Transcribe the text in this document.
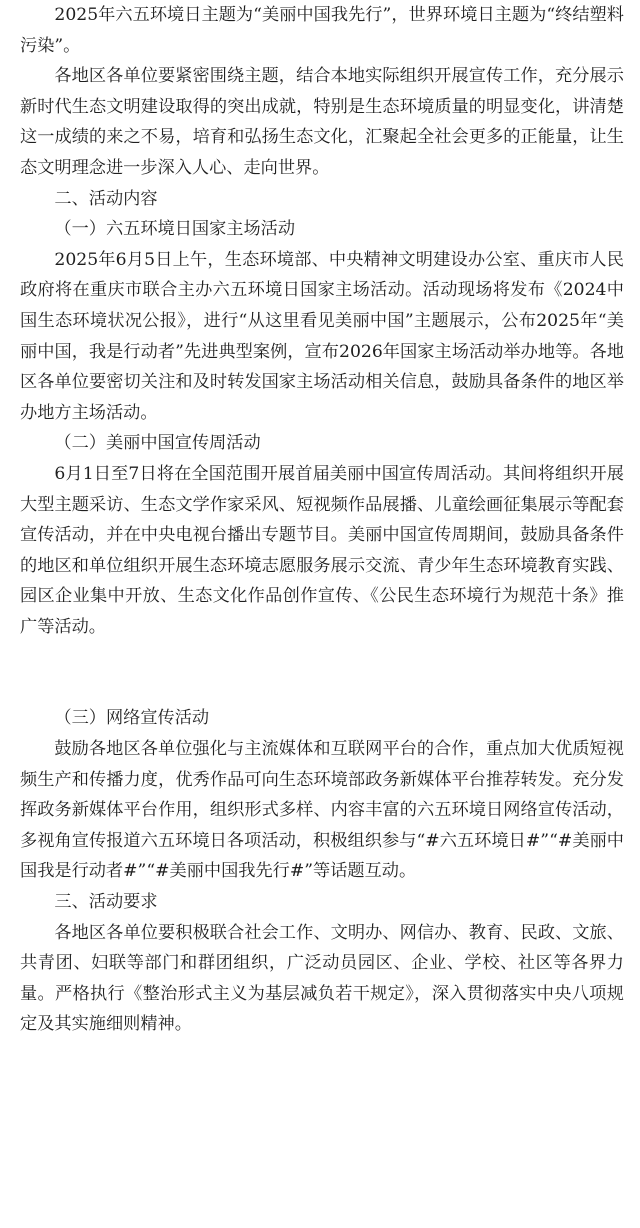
2025年六五环境日主题为“美丽中国我先行”，世界环境日主题为“终结塑料污染”。

各地区各单位要紧密围绕主题，结合本地实际组织开展宣传工作，充分展示新时代生态文明建设取得的突出成就，特别是生态环境质量的明显变化，讲清楚这一成绩的来之不易，培育和弘扬生态文化，汇聚起全社会更多的正能量，让生态文明理念进一步深入人心、走向世界。

二、活动内容

（一）六五环境日国家主场活动

2025年6月5日上午，生态环境部、中央精神文明建设办公室、重庆市人民政府将在重庆市联合主办六五环境日国家主场活动。活动现场将发布《2024中国生态环境状况公报》，进行“从这里看见美丽中国”主题展示，公布2025年“美丽中国，我是行动者”先进典型案例，宣布2026年国家主场活动举办地等。各地区各单位要密切关注和及时转发国家主场活动相关信息，鼓励具备条件的地区举办地方主场活动。

（二）美丽中国宣传周活动

6月1日至7日将在全国范围开展首届美丽中国宣传周活动。其间将组织开展大型主题采访、生态文学作家采风、短视频作品展播、儿童绘画征集展示等配套宣传活动，并在中央电视台播出专题节目。美丽中国宣传周期间，鼓励具备条件的地区和单位组织开展生态环境志愿服务展示交流、青少年生态环境教育实践、园区企业集中开放、生态文化作品创作宣传、《公民生态环境行为规范十条》推广等活动。

（三）网络宣传活动

鼓励各地区各单位强化与主流媒体和互联网平台的合作，重点加大优质短视频生产和传播力度，优秀作品可向生态环境部政务新媒体平台推荐转发。充分发挥政务新媒体平台作用，组织形式多样、内容丰富的六五环境日网络宣传活动，多视角宣传报道六五环境日各项活动，积极组织参与“#六五环境日#”“#美丽中国我是行动者#”“#美丽中国我先行#”等话题互动。

三、活动要求

各地区各单位要积极联合社会工作、文明办、网信办、教育、民政、文旅、共青团、妇联等部门和群团组织，广泛动员园区、企业、学校、社区等各界力量。严格执行《整治形式主义为基层减负若干规定》，深入贯彻落实中央八项规定及其实施细则精神。
